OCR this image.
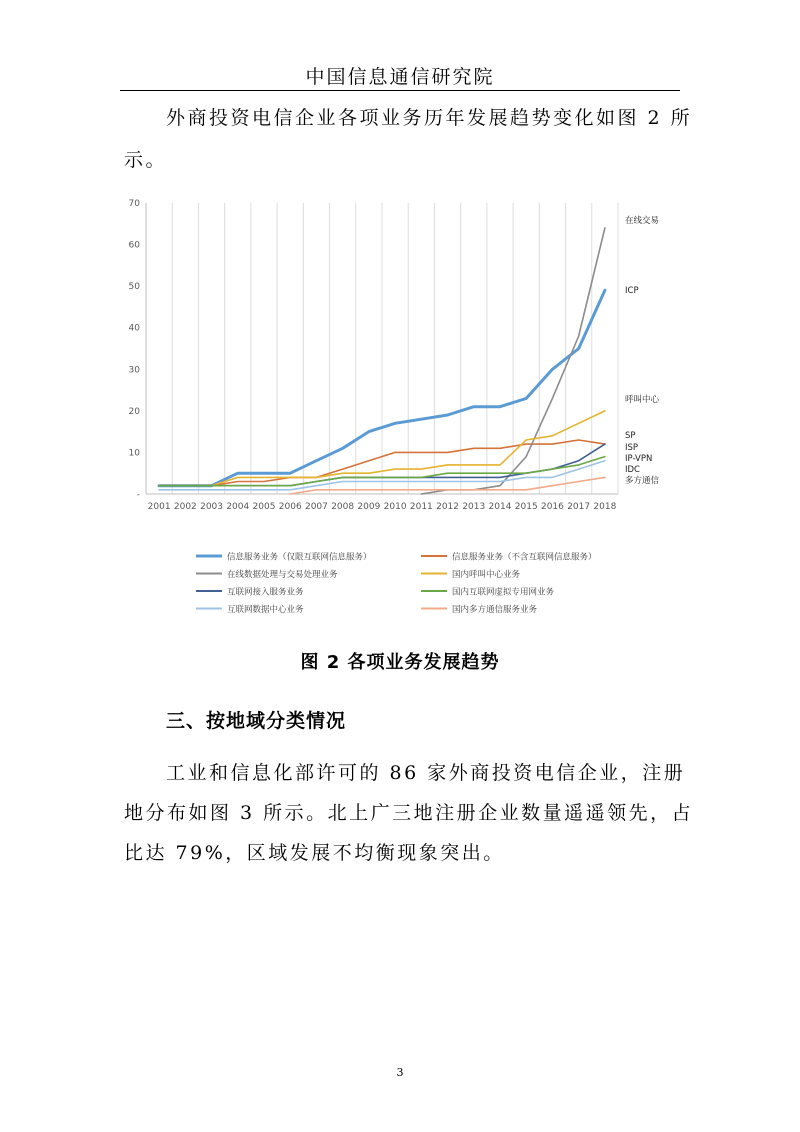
中国信息通信研究院
外商投资电信企业各项业务历年发展趋势变化如图 2 所
示。
-
10
20
30
40
50
60
70
2001 2002 2003 2004 2005 2006 2007 2008 2009 2010 2011 2012 2013 2014 2015 2016 2017 2018
ICP
SP
在线交易
呼叫中心
ISP
IP-VPN
IDC
多方通信
信息服务业务（仅限互联网信息服务）	信息服务业务（不含互联网信息服务）
在线数据处理与交易处理业务	国内呼叫中心业务
互联网接入服务业务	国内互联网虚拟专用网业务
互联网数据中心业务	国内多方通信服务业务
图 2 各项业务发展趋势
三、按地域分类情况
工业和信息化部许可的 86 家外商投资电信企业，注册
地分布如图 3 所示。北上广三地注册企业数量遥遥领先，占
比达 79%，区域发展不均衡现象突出。
3
